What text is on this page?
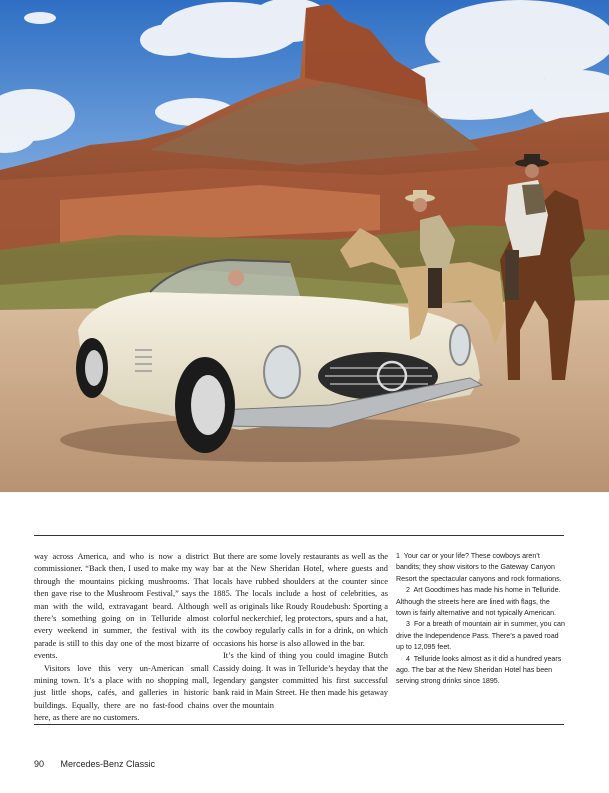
way across America, and who is now a district commissioner. “Back then, I used to make my way through the mountains picking mushrooms. That then gave rise to the Mushroom Festival,” says the man with the wild, extravagant beard. Although there’s something going on in Telluride almost every weekend in summer, the festival with its parade is still to this day one of the most bizarre of events.

Visitors love this very un-American small mining town. It’s a place with no shopping mall, just little shops, cafés, and galleries in historic buildings. Equally, there are no fast-food chains here, as there are no customers.

But there are some lovely restaurants as well as the bar at the New Sheridan Hotel, where guests and locals have rubbed shoulders at the counter since 1885. The locals include a host of celebrities, as well as originals like Roudy Roudebush: Sporting a colorful neckerchief, leg protectors, spurs and a hat, the cowboy regularly calls in for a drink, on which occasions his horse is also allowed in the bar.

It’s the kind of thing you could imagine Butch Cassidy doing. It was in Telluride’s heyday that the legendary gangster committed his first successful bank raid in Main Street. He then made his getaway over the mountain

1 Your car or your life? These cowboys aren’t bandits; they show visitors to the Gateway Canyon Resort the spectacular canyons and rock formations.

2 Art Goodtimes has made his home in Telluride. Although the streets here are lined with flags, the town is fairly alternative and not typically American.

3 For a breath of mountain air in summer, you can drive the Independence Pass. There’s a paved road up to 12,095 feet.

4 Telluride looks almost as it did a hundred years ago. The bar at the New Sheridan Hotel has been serving strong drinks since 1895.

90 Mercedes-Benz Classic
